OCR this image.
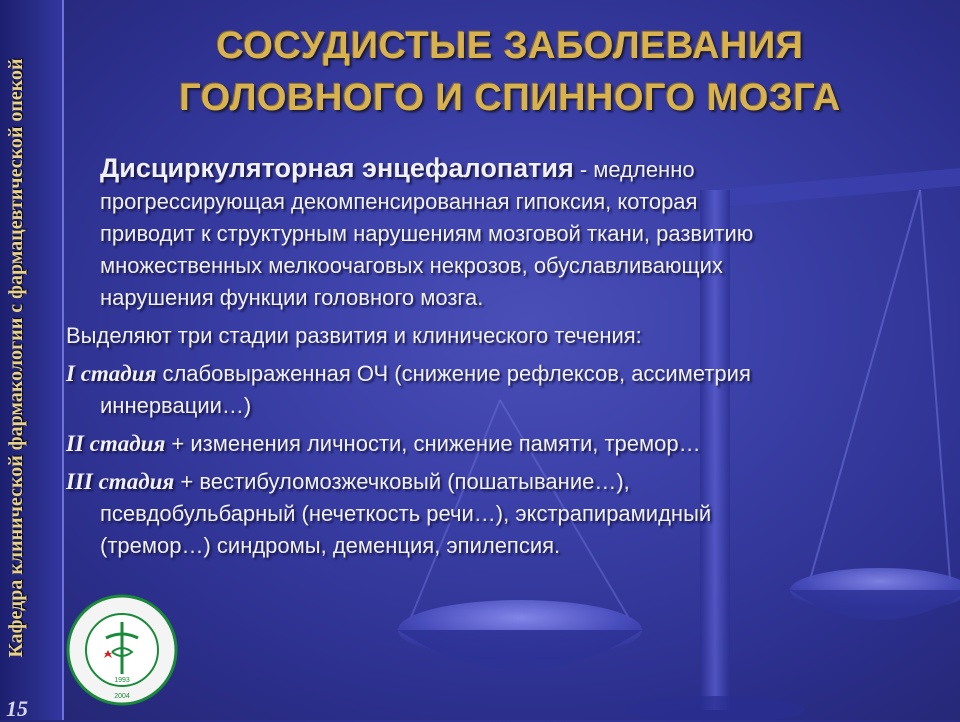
Кафедра клинической фармакологии с фармацевтической опекой
15
СОСУДИСТЫЕ ЗАБОЛЕВАНИЯ
ГОЛОВНОГО И СПИННОГО МОЗГА
Дисциркуляторная энцефалопатия - медленно
прогрессирующая декомпенсированная гипоксия, которая
приводит к структурным нарушениям мозговой ткани, развитию
множественных мелкоочаговых некрозов, обуславливающих
нарушения функции головного мозга.
Выделяют три стадии развития и клинического течения:
I стадия слабовыраженная ОЧ (снижение рефлексов, ассиметрия
иннервации…)
II стадия + изменения личности, снижение памяти, тремор…
III стадия + вестибуломозжечковый (пошатывание…),
псевдобульбарный (нечеткость речи…), экстрапирамидный
(тремор…) синдромы, деменция, эпилепсия.
1993
2004
